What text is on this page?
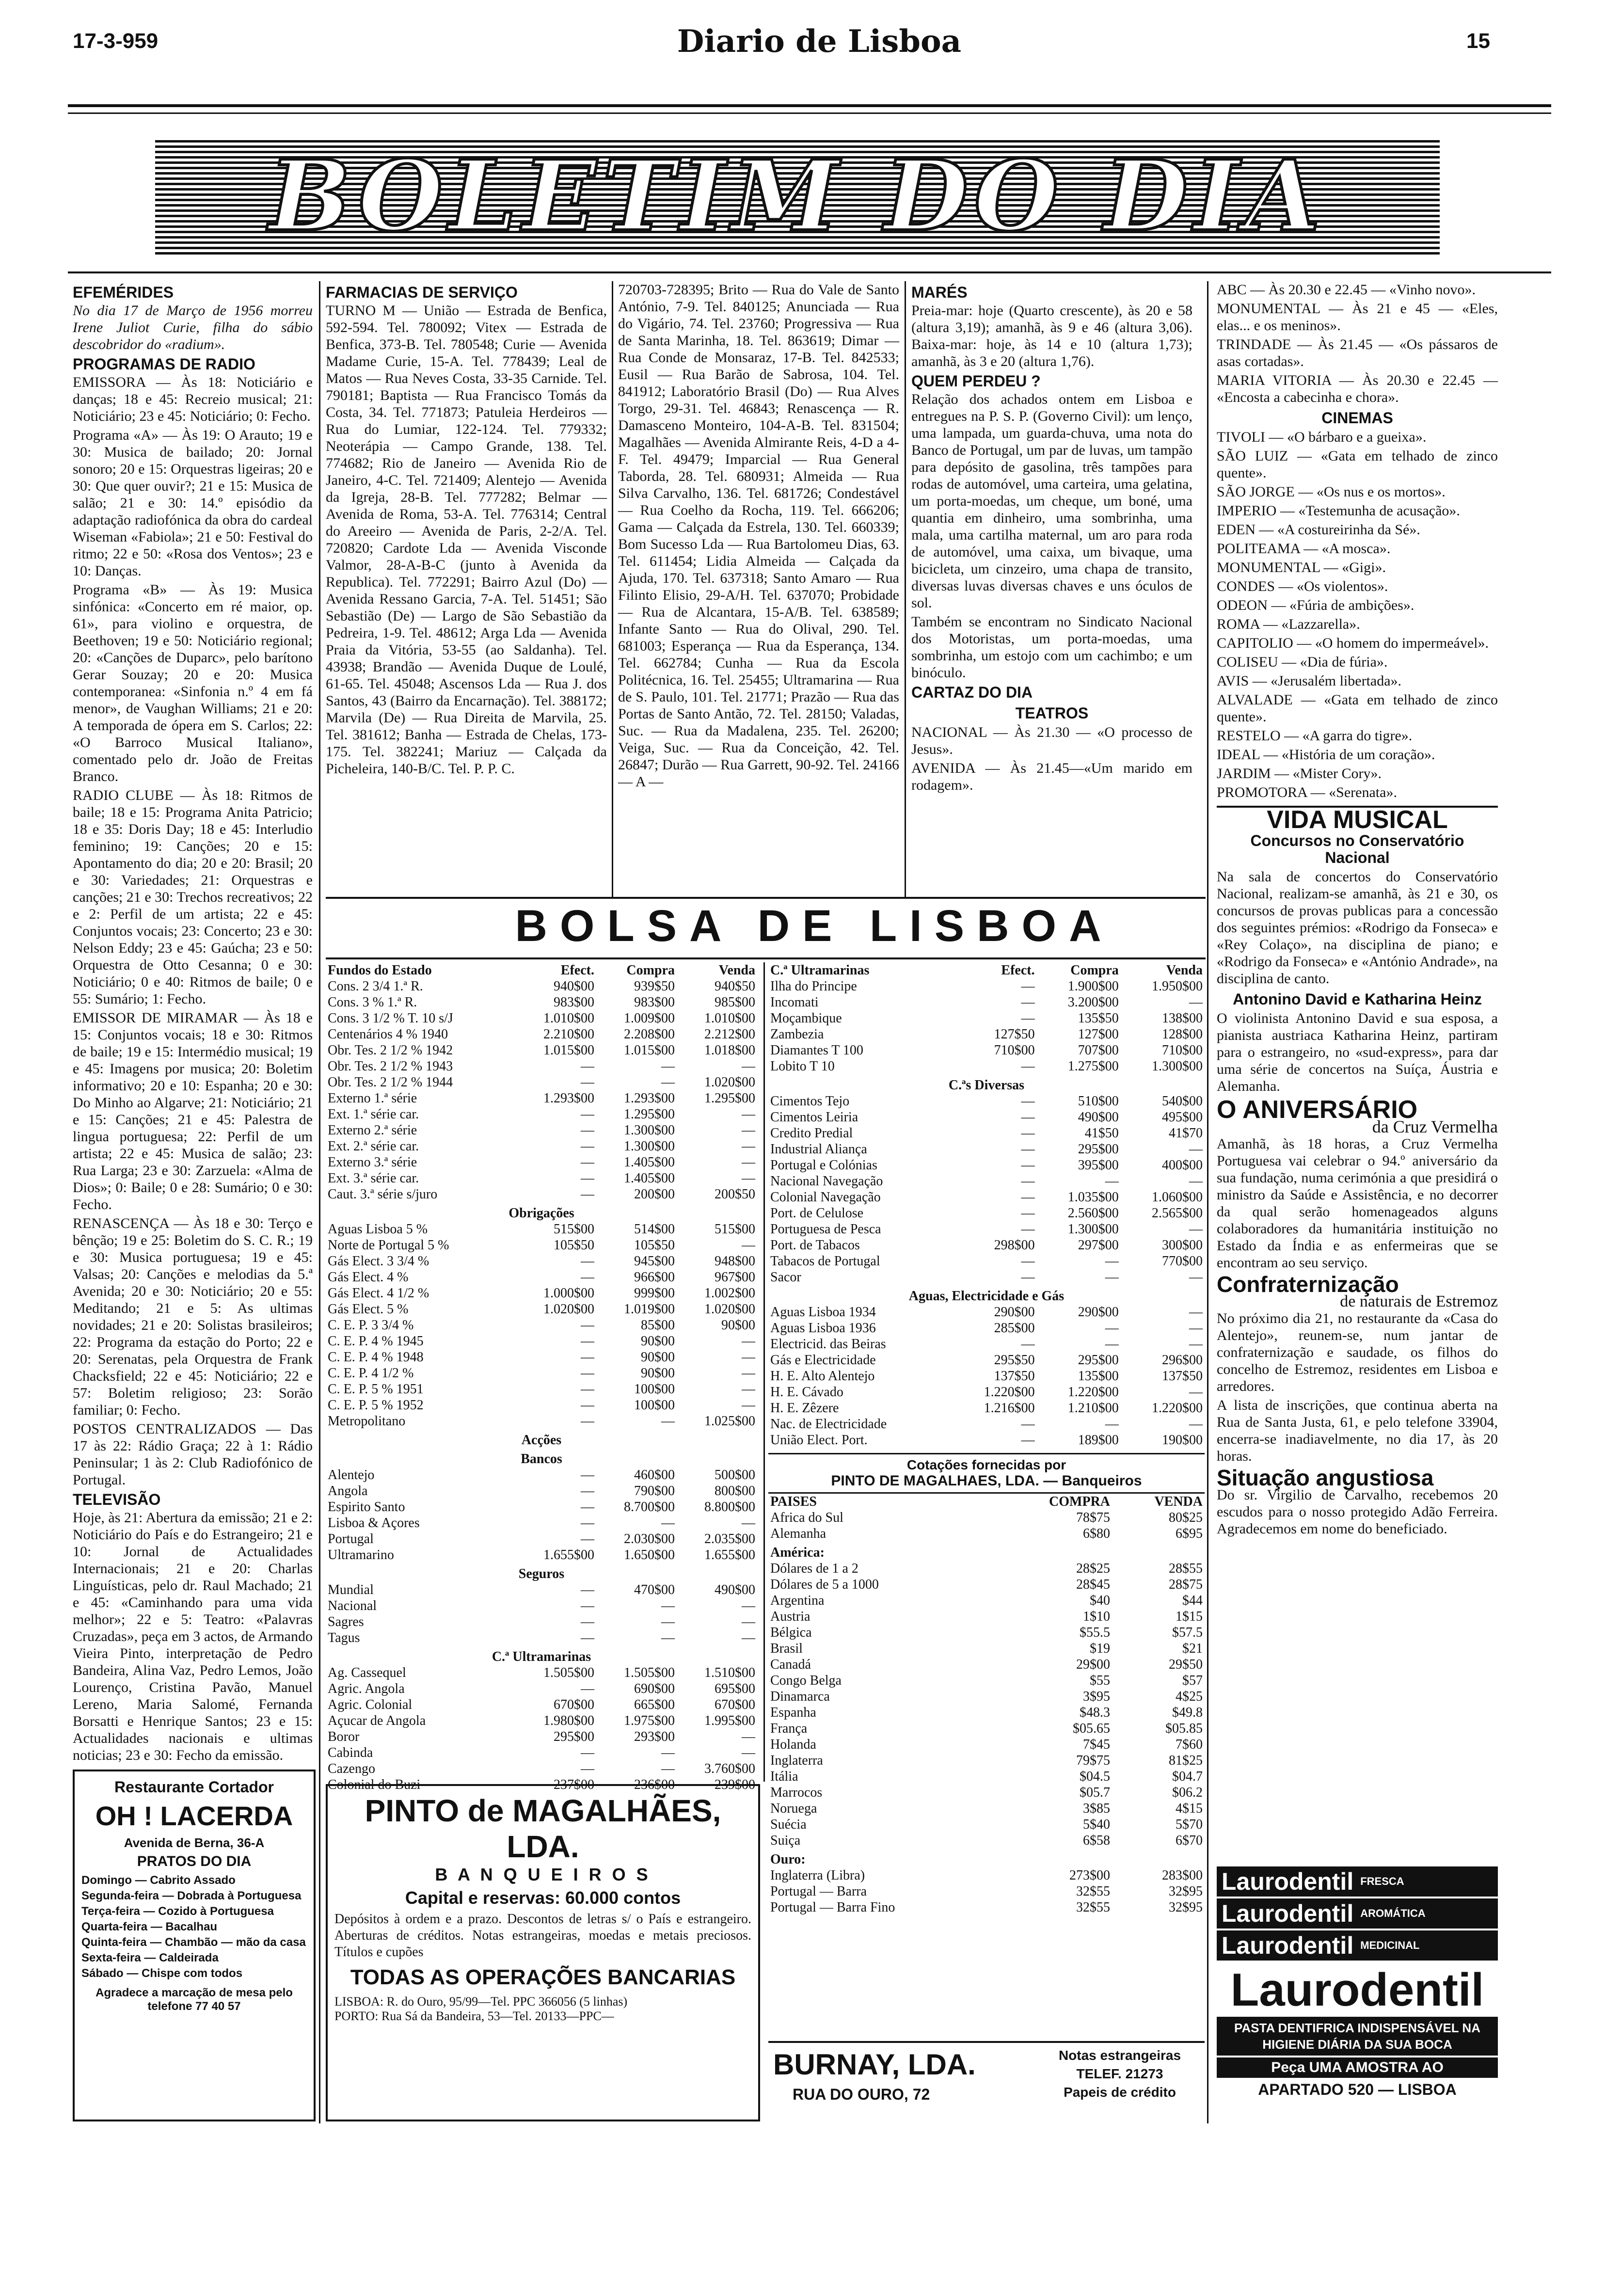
17-3-959	Diario de Lisboa	15
BOLETIM DO DIA
EFEMÉRIDES

No dia 17 de Março de 1956 morreu Irene Juliot Curie, filha do sábio descobridor do «radium».

PROGRAMAS DE RADIO

EMISSORA — Às 18: Noticiário e danças; 18 e 45: Recreio musical; 21: Noticiário; 23 e 45: Noticiário; 0: Fecho.

Programa «A» — Às 19: O Arauto; 19 e 30: Musica de bailado; 20: Jornal sonoro; 20 e 15: Orquestras ligeiras; 20 e 30: Que quer ouvir?; 21 e 15: Musica de salão; 21 e 30: 14.º episódio da adaptação radiofónica da obra do cardeal Wiseman «Fabiola»; 21 e 50: Festival do ritmo; 22 e 50: «Rosa dos Ventos»; 23 e 10: Danças.

Programa «B» — Às 19: Musica sinfónica: «Concerto em ré maior, op. 61», para violino e orquestra, de Beethoven; 19 e 50: Noticiário regional; 20: «Canções de Duparc», pelo barítono Gerar Souzay; 20 e 20: Musica contemporanea: «Sinfonia n.º 4 em fá menor», de Vaughan Williams; 21 e 20: A temporada de ópera em S. Carlos; 22: «O Barroco Musical Italiano», comentado pelo dr. João de Freitas Branco.

RADIO CLUBE — Às 18: Ritmos de baile; 18 e 15: Programa Anita Patricio; 18 e 35: Doris Day; 18 e 45: Interludio feminino; 19: Canções; 20 e 15: Apontamento do dia; 20 e 20: Brasil; 20 e 30: Variedades; 21: Orquestras e canções; 21 e 30: Trechos recreativos; 22 e 2: Perfil de um artista; 22 e 45: Conjuntos vocais; 23: Concerto; 23 e 30: Nelson Eddy; 23 e 45: Gaúcha; 23 e 50: Orquestra de Otto Cesanna; 0 e 30: Noticiário; 0 e 40: Ritmos de baile; 0 e 55: Sumário; 1: Fecho.

EMISSOR DE MIRAMAR — Às 18 e 15: Conjuntos vocais; 18 e 30: Ritmos de baile; 19 e 15: Intermédio musical; 19 e 45: Imagens por musica; 20: Boletim informativo; 20 e 10: Espanha; 20 e 30: Do Minho ao Algarve; 21: Noticiário; 21 e 15: Canções; 21 e 45: Palestra de lingua portuguesa; 22: Perfil de um artista; 22 e 45: Musica de salão; 23: Rua Larga; 23 e 30: Zarzuela: «Alma de Dios»; 0: Baile; 0 e 28: Sumário; 0 e 30: Fecho.

RENASCENÇA — Às 18 e 30: Terço e bênção; 19 e 25: Boletim do S. C. R.; 19 e 30: Musica portuguesa; 19 e 45: Valsas; 20: Canções e melodias da 5.ª Avenida; 20 e 30: Noticiário; 20 e 55: Meditando; 21 e 5: As ultimas novidades; 21 e 20: Solistas brasileiros; 22: Programa da estação do Porto; 22 e 20: Serenatas, pela Orquestra de Frank Chacksfield; 22 e 45: Noticiário; 22 e 57: Boletim religioso; 23: Sorão familiar; 0: Fecho.

POSTOS CENTRALIZADOS — Das 17 às 22: Rádio Graça; 22 à 1: Rádio Peninsular; 1 às 2: Club Radiofónico de Portugal.

TELEVISÃO

Hoje, às 21: Abertura da emissão; 21 e 2: Noticiário do País e do Estrangeiro; 21 e 10: Jornal de Actualidades Internacionais; 21 e 20: Charlas Linguísticas, pelo dr. Raul Machado; 21 e 45: «Caminhando para uma vida melhor»; 22 e 5: Teatro: «Palavras Cruzadas», peça em 3 actos, de Armando Vieira Pinto, interpretação de Pedro Bandeira, Alina Vaz, Pedro Lemos, João Lourenço, Cristina Pavão, Manuel Lereno, Maria Salomé, Fernanda Borsatti e Henrique Santos; 23 e 15: Actualidades nacionais e ultimas noticias; 23 e 30: Fecho da emissão.

Restaurante Cortador
OH ! LACERDA
Avenida de Berna, 36-A
PRATOS DO DIA
Domingo — Cabrito Assado
Segunda-feira — Dobrada à Portuguesa
Terça-feira — Cozido à Portuguesa
Quarta-feira — Bacalhau
Quinta-feira — Chambão — mão da casa
Sexta-feira — Caldeirada
Sábado — Chispe com todos
Agradece a marcação de mesa pelo telefone 77 40 57
FARMACIAS DE SERVIÇO

TURNO M — União — Estrada de Benfica, 592-594. Tel. 780092; Vitex — Estrada de Benfica, 373-B. Tel. 780548; Curie — Avenida Madame Curie, 15-A. Tel. 778439; Leal de Matos — Rua Neves Costa, 33-35 Carnide. Tel. 790181; Baptista — Rua Francisco Tomás da Costa, 34. Tel. 771873; Patuleia Herdeiros — Rua do Lumiar, 122-124. Tel. 779332; Neoterápia — Campo Grande, 138. Tel. 774682; Rio de Janeiro — Avenida Rio de Janeiro, 4-C. Tel. 721409; Alentejo — Avenida da Igreja, 28-B. Tel. 777282; Belmar — Avenida de Roma, 53-A. Tel. 776314; Central do Areeiro — Avenida de Paris, 2-2/A. Tel. 720820; Cardote Lda — Avenida Visconde Valmor, 28-A-B-C (junto à Avenida da Republica). Tel. 772291; Bairro Azul (Do) — Avenida Ressano Garcia, 7-A. Tel. 51451; São Sebastião (De) — Largo de São Sebastião da Pedreira, 1-9. Tel. 48612; Arga Lda — Avenida Praia da Vitória, 53-55 (ao Saldanha). Tel. 43938; Brandão — Avenida Duque de Loulé, 61-65. Tel. 45048; Ascensos Lda — Rua J. dos Santos, 43 (Bairro da Encarnação). Tel. 388172; Marvila (De) — Rua Direita de Marvila, 25. Tel. 381612; Banha — Estrada de Chelas, 173-175. Tel. 382241; Mariuz — Calçada da Picheleira, 140-B/C. Tel. P. P. C.

720703-728395; Brito — Rua do Vale de Santo António, 7-9. Tel. 840125; Anunciada — Rua do Vigário, 74. Tel. 23760; Progressiva — Rua de Santa Marinha, 18. Tel. 863619; Dimar — Rua Conde de Monsaraz, 17-B. Tel. 842533; Eusil — Rua Barão de Sabrosa, 104. Tel. 841912; Laboratório Brasil (Do) — Rua Alves Torgo, 29-31. Tel. 46843; Renascença — R. Damasceno Monteiro, 104-A-B. Tel. 831504; Magalhães — Avenida Almirante Reis, 4-D a 4-F. Tel. 49479; Imparcial — Rua General Taborda, 28. Tel. 680931; Almeida — Rua Silva Carvalho, 136. Tel. 681726; Condestável — Rua Coelho da Rocha, 119. Tel. 666206; Gama — Calçada da Estrela, 130. Tel. 660339; Bom Sucesso Lda — Rua Bartolomeu Dias, 63. Tel. 611454; Lidia Almeida — Calçada da Ajuda, 170. Tel. 637318; Santo Amaro — Rua Filinto Elisio, 29-A/H. Tel. 637070; Probidade — Rua de Alcantara, 15-A/B. Tel. 638589; Infante Santo — Rua do Olival, 290. Tel. 681003; Esperança — Rua da Esperança, 134. Tel. 662784; Cunha — Rua da Escola Politécnica, 16. Tel. 25455; Ultramarina — Rua de S. Paulo, 101. Tel. 21771; Prazão — Rua das Portas de Santo Antão, 72. Tel. 28150; Valadas, Suc. — Rua da Madalena, 235. Tel. 26200; Veiga, Suc. — Rua da Conceição, 42. Tel. 26847; Durão — Rua Garrett, 90-92. Tel. 24166 — A —

MARÉS

Preia-mar: hoje (Quarto crescente), às 20 e 58 (altura 3,19); amanhã, às 9 e 46 (altura 3,06). Baixa-mar: hoje, às 14 e 10 (altura 1,73); amanhã, às 3 e 20 (altura 1,76).

QUEM PERDEU ?

Relação dos achados ontem em Lisboa e entregues na P. S. P. (Governo Civil): um lenço, uma lampada, um guarda-chuva, uma nota do Banco de Portugal, um par de luvas, um tampão para depósito de gasolina, três tampões para rodas de automóvel, uma carteira, uma gelatina, um porta-moedas, um cheque, um boné, uma quantia em dinheiro, uma sombrinha, uma mala, uma cartilha maternal, um aro para roda de automóvel, uma caixa, um bivaque, uma bicicleta, um cinzeiro, uma chapa de transito, diversas luvas diversas chaves e uns óculos de sol.

Também se encontram no Sindicato Nacional dos Motoristas, um porta-moedas, uma sombrinha, um estojo com um cachimbo; e um binóculo.

CARTAZ DO DIA
TEATROS

NACIONAL — Às 21.30 — «O processo de Jesus».

AVENIDA — Às 21.45—«Um marido em rodagem».

ABC — Às 20.30 e 22.45 — «Vinho novo».

MONUMENTAL — Às 21 e 45 — «Eles, elas... e os meninos».

TRINDADE — Às 21.45 — «Os pássaros de asas cortadas».

MARIA VITORIA — Às 20.30 e 22.45 — «Encosta a cabecinha e chora».

CINEMAS

TIVOLI — «O bárbaro e a gueixa».

SÃO LUIZ — «Gata em telhado de zinco quente».

SÃO JORGE — «Os nus e os mortos».

IMPERIO — «Testemunha de acusação».

EDEN — «A costureirinha da Sé».

POLITEAMA — «A mosca».

MONUMENTAL — «Gigi».

CONDES — «Os violentos».

ODEON — «Fúria de ambições».

ROMA — «Lazzarella».

CAPITOLIO — «O homem do impermeável».

COLISEU — «Dia de fúria».

AVIS — «Jerusalém libertada».

ALVALADE — «Gata em telhado de zinco quente».

RESTELO — «A garra do tigre».

IDEAL — «História de um coração».

JARDIM — «Mister Cory».

PROMOTORA — «Serenata».

VIDA MUSICAL
Concursos no Conservatório Nacional

Na sala de concertos do Conservatório Nacional, realizam-se amanhã, às 21 e 30, os concursos de provas publicas para a concessão dos seguintes prémios: «Rodrigo da Fonseca» e «Rey Colaço», na disciplina de piano; e «Rodrigo da Fonseca» e «António Andrade», na disciplina de canto.

Antonino David e Katharina Heinz

O violinista Antonino David e sua esposa, a pianista austriaca Katharina Heinz, partiram para o estrangeiro, no «sud-express», para dar uma série de concertos na Suíça, Áustria e Alemanha.

O ANIVERSÁRIO
da Cruz Vermelha

Amanhã, às 18 horas, a Cruz Vermelha Portuguesa vai celebrar o 94.º aniversário da sua fundação, numa cerimónia a que presidirá o ministro da Saúde e Assistência, e no decorrer da qual serão homenageados alguns colaboradores da humanitária instituição no Estado da Índia e as enfermeiras que se encontram ao seu serviço.

Confraternização
de naturais de Estremoz

No próximo dia 21, no restaurante da «Casa do Alentejo», reunem-se, num jantar de confraternização e saudade, os filhos do concelho de Estremoz, residentes em Lisboa e arredores.

A lista de inscrições, que continua aberta na Rua de Santa Justa, 61, e pelo telefone 33904, encerra-se inadiavelmente, no dia 17, às 20 horas.

Situação angustiosa

Do sr. Virgilio de Carvalho, recebemos 20 escudos para o nosso protegido Adão Ferreira. Agradecemos em nome do beneficiado.

Laurodentil FRESCA
Laurodentil AROMÁTICA
Laurodentil MEDICINAL
Laurodentil
PASTA DENTIFRICA INDISPENSÁVEL NA HIGIENE DIÁRIA DA SUA BOCA
Peça UMA AMOSTRA AO
APARTADO 520 — LISBOA
BOLSA DE LISBOA
Fundos do Estado	Efect.	Compra	Venda
Cons. 2 3/4 1.ª R.	940$00	939$50	940$50
Cons. 3 % 1.ª R.	983$00	983$00	985$00
Cons. 3 1/2 % T. 10 s/J	1.010$00	1.009$00	1.010$00
Centenários 4 % 1940	2.210$00	2.208$00	2.212$00
Obr. Tes. 2 1/2 % 1942	1.015$00	1.015$00	1.018$00
Obr. Tes. 2 1/2 % 1943	—	—	—
Obr. Tes. 2 1/2 % 1944	—	—	1.020$00
Externo 1.ª série	1.293$00	1.293$00	1.295$00
Ext. 1.ª série car.	—	1.295$00	—
Externo 2.ª série	—	1.300$00	—
Ext. 2.ª série car.	—	1.300$00	—
Externo 3.ª série	—	1.405$00	—
Ext. 3.ª série car.	—	1.405$00	—
Caut. 3.ª série s/juro	—	200$00	200$50
Obrigações			
Aguas Lisboa 5 %	515$00	514$00	515$00
Norte de Portugal 5 %	105$50	105$50	—
Gás Elect. 3 3/4 %	—	945$00	948$00
Gás Elect. 4 %	—	966$00	967$00
Gás Elect. 4 1/2 %	1.000$00	999$00	1.002$00
Gás Elect. 5 %	1.020$00	1.019$00	1.020$00
C. E. P. 3 3/4 %	—	85$00	90$00
C. E. P. 4 % 1945	—	90$00	—
C. E. P. 4 % 1948	—	90$00	—
C. E. P. 4 1/2 %	—	90$00	—
C. E. P. 5 % 1951	—	100$00	—
C. E. P. 5 % 1952	—	100$00	—
Metropolitano	—	—	1.025$00
Acções			
Bancos			
Alentejo	—	460$00	500$00
Angola	—	790$00	800$00
Espirito Santo	—	8.700$00	8.800$00
Lisboa & Açores	—	—	—
Portugal	—	2.030$00	2.035$00
Ultramarino	1.655$00	1.650$00	1.655$00
Seguros			
Mundial	—	470$00	490$00
Nacional	—	—	—
Sagres	—	—	—
Tagus	—	—	—
C.ª Ultramarinas			
Ag. Cassequel	1.505$00	1.505$00	1.510$00
Agric. Angola	—	690$00	695$00
Agric. Colonial	670$00	665$00	670$00
Açucar de Angola	1.980$00	1.975$00	1.995$00
Boror	295$00	293$00	—
Cabinda	—	—	—
Cazengo	—	—	3.760$00
Colonial do Buzi	237$00	236$00	239$00
C.ª Ultramarinas	Efect.	Compra	Venda
Ilha do Principe	—	1.900$00	1.950$00
Incomati	—	3.200$00	—
Moçambique	—	135$50	138$00
Zambezia	127$50	127$00	128$00
Diamantes T 100	710$00	707$00	710$00
Lobito T 10	—	1.275$00	1.300$00
C.ªs Diversas			
Cimentos Tejo	—	510$00	540$00
Cimentos Leiria	—	490$00	495$00
Credito Predial	—	41$50	41$70
Industrial Aliança	—	295$00	—
Portugal e Colónias	—	395$00	400$00
Nacional Navegação	—	—	—
Colonial Navegação	—	1.035$00	1.060$00
Port. de Celulose	—	2.560$00	2.565$00
Portuguesa de Pesca	—	1.300$00	—
Port. de Tabacos	298$00	297$00	300$00
Tabacos de Portugal	—	—	770$00
Sacor	—	—	—
Aguas, Electricidade e Gás			
Aguas Lisboa 1934	290$00	290$00	—
Aguas Lisboa 1936	285$00	—	—
Electricid. das Beiras	—	—	—
Gás e Electricidade	295$50	295$00	296$00
H. E. Alto Alentejo	137$50	135$00	137$50
H. E. Cávado	1.220$00	1.220$00	—
H. E. Zêzere	1.216$00	1.210$00	1.220$00
Nac. de Electricidade	—	—	—
União Elect. Port.	—	189$00	190$00
Cotações fornecidas por
PINTO DE MAGALHAES, LDA. — Banqueiros
PAISES	COMPRA	VENDA
Africa do Sul	78$75	80$25
Alemanha	6$80	6$95
América:		
Dólares de 1 a 2	28$25	28$55
Dólares de 5 a 1000	28$45	28$75
Argentina	$40	$44
Austria	1$10	1$15
Bélgica	$55.5	$57.5
Brasil	$19	$21
Canadá	29$00	29$50
Congo Belga	$55	$57
Dinamarca	3$95	4$25
Espanha	$48.3	$49.8
França	$05.65	$05.85
Holanda	7$45	7$60
Inglaterra	79$75	81$25
Itália	$04.5	$04.7
Marrocos	$05.7	$06.2
Noruega	3$85	4$15
Suécia	5$40	5$70
Suiça	6$58	6$70
Ouro:		
Inglaterra (Libra)	273$00	283$00
Portugal — Barra	32$55	32$95
Portugal — Barra Fino	32$55	32$95
PINTO de MAGALHÃES, LDA.
B A N Q U E I R O S
Capital e reservas: 60.000 contos
Depósitos à ordem e a prazo. Descontos de letras s/ o País e estrangeiro. Aberturas de créditos. Notas estrangeiras, moedas e metais preciosos. Títulos e cupões
TODAS AS OPERAÇÕES BANCARIAS
LISBOA: R. do Ouro, 95/99—Tel. PPC 366056 (5 linhas)
PORTO: Rua Sá da Bandeira, 53—Tel. 20133—PPC—
BURNAY, LDA.
RUA DO OURO, 72
Notas estrangeiras
TELEF. 21273
Papeis de crédito
